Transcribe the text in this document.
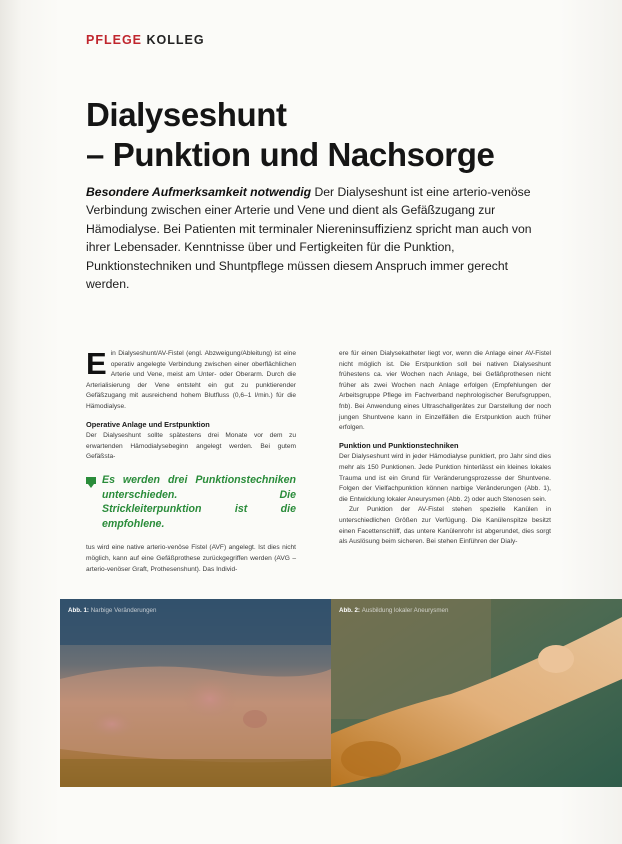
PFLEGE KOLLEG
Dialyseshunt
– Punktion und Nachsorge
Besondere Aufmerksamkeit notwendig Der Dialyseshunt ist eine arterio-venöse Verbindung zwischen einer Arterie und Vene und dient als Gefäßzugang zur Hämodialyse. Bei Patienten mit terminaler Niereninsuffizienz spricht man auch von ihrer Lebensader. Kenntnisse über und Fertigkeiten für die Punktion, Punktionstechniken und Shuntpflege müssen diesem Anspruch immer gerecht werden.
E in Dialyseshunt/AV-Fistel (engl. Abzweigung/Ableitung) ist eine operativ angelegte Verbindung zwischen einer oberflächlichen Arterie und Vene, meist am Unter- oder Oberarm. Durch die Arterialisierung der Vene entsteht ein gut zu punktierender Gefäßzugang mit ausreichend hohem Blutfluss (0,6–1 l/min.) für die Hämodialyse.
Operative Anlage und Erstpunktion
Der Dialyseshunt sollte spätestens drei Monate vor dem zu erwartenden Hämodialysebeginn angelegt werden. Bei gutem Gefäßsta-
Es werden drei Punktionstechniken unterschieden. Die Strickleiterpunktion ist die empfohlene.
tus wird eine native arterio-venöse Fistel (AVF) angelegt. Ist dies nicht möglich, kann auf eine Gefäßprothese zurückgegriffen werden (AVG – arterio-venöser Graft, Prothesenshunt). Das Individ-
ere für einen Dialysekatheter liegt vor, wenn die Anlage einer AV-Fistel nicht möglich ist. Die Erstpunktion soll bei nativen Dialyseshunt frühestens ca. vier Wochen nach Anlage, bei Gefäßprothesen nicht früher als zwei Wochen nach Anlage erfolgen (Empfehlungen der Arbeitsgruppe Pflege im Fachverband nephrologischer Berufsgruppen, fnb). Bei Anwendung eines Ultraschallgerätes zur Darstellung der noch jungen Shuntvene kann in Einzelfällen die Erstpunktion auch früher erfolgen.
Punktion und Punktionstechniken
Der Dialyseshunt wird in jeder Hämodialyse punktiert, pro Jahr sind dies mehr als 150 Punktionen. Jede Punktion hinterlässt ein kleines lokales Trauma und ist ein Grund für Veränderungsprozesse der Shuntvene. Folgen der Vielfachpunktion können narbige Veränderungen (Abb. 1), die Entwicklung lokaler Aneurysmen (Abb. 2) oder auch Stenosen sein.
Zur Punktion der AV-Fistel stehen spezielle Kanülen in unterschiedlichen Größen zur Verfügung. Die Kanülenspitze besitzt einen Facettenschliff, das untere Kanülenrohr ist abgerundet, dies sorgt als Auslösung beim sicheren. Bei stehen Einführen der Dialy-
Abb. 1: Narbige Veränderungen	Abb. 2: Ausbildung lokaler Aneurysmen
